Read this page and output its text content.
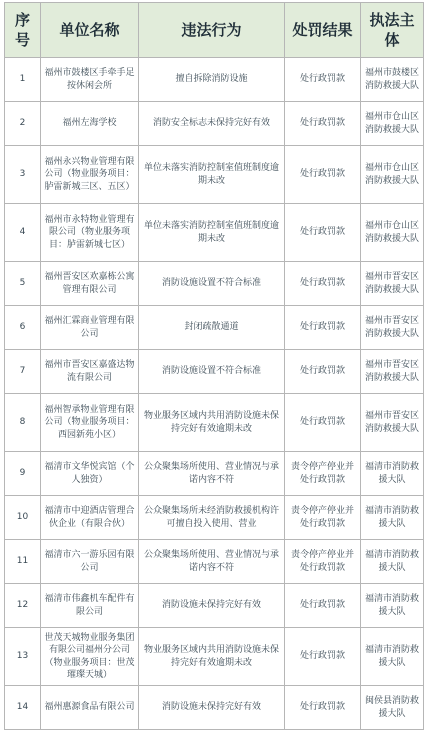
序号	单位名称	违法行为	处罚结果	执法主体
1	福州市鼓楼区手牵手足按休闲会所	擅自拆除消防设施	处行政罚款	福州市鼓楼区消防救援大队
2	福州左海学校	消防安全标志未保持完好有效	处行政罚款	福州市仓山区消防救援大队
3	福州永兴物业管理有限公司（物业服务项目：胪雷新城三区、五区）	单位未落实消防控制室值班制度逾期未改	处行政罚款	福州市仓山区消防救援大队
4	福州市永特物业管理有限公司（物业服务项目：胪雷新城七区）	单位未落实消防控制室值班制度逾期未改	处行政罚款	福州市仓山区消防救援大队
5	福州晋安区欢嘉栋公寓管理有限公司	消防设施设置不符合标准	处行政罚款	福州市晋安区消防救援大队
6	福州汇霖商业管理有限公司	封闭疏散通道	处行政罚款	福州市晋安区消防救援大队
7	福州市晋安区嘉盛达物流有限公司	消防设施设置不符合标准	处行政罚款	福州市晋安区消防救援大队
8	福州智承物业管理有限公司（物业服务项目：西园新苑小区）	物业服务区域内共用消防设施未保持完好有效逾期未改	处行政罚款	福州市晋安区消防救援大队
9	福清市文华悦宾馆（个人独资）	公众聚集场所使用、营业情况与承诺内容不符	责令停产停业并处行政罚款	福清市消防救援大队
10	福清市中迎酒店管理合伙企业（有限合伙）	公众聚集场所未经消防救援机构许可擅自投入使用、营业	责令停产停业并处行政罚款	福清市消防救援大队
11	福清市六一游乐园有限公司	公众聚集场所使用、营业情况与承诺内容不符	责令停产停业并处行政罚款	福清市消防救援大队
12	福清市伟鑫机车配件有限公司	消防设施未保持完好有效	处行政罚款	福清市消防救援大队
13	世茂天城物业服务集团有限公司福州分公司（物业服务项目：世茂璀璨天城）	物业服务区域内共用消防设施未保持完好有效逾期未改	处行政罚款	福清市消防救援大队
14	福州惠源食品有限公司	消防设施未保持完好有效	处行政罚款	闽侯县消防救援大队
